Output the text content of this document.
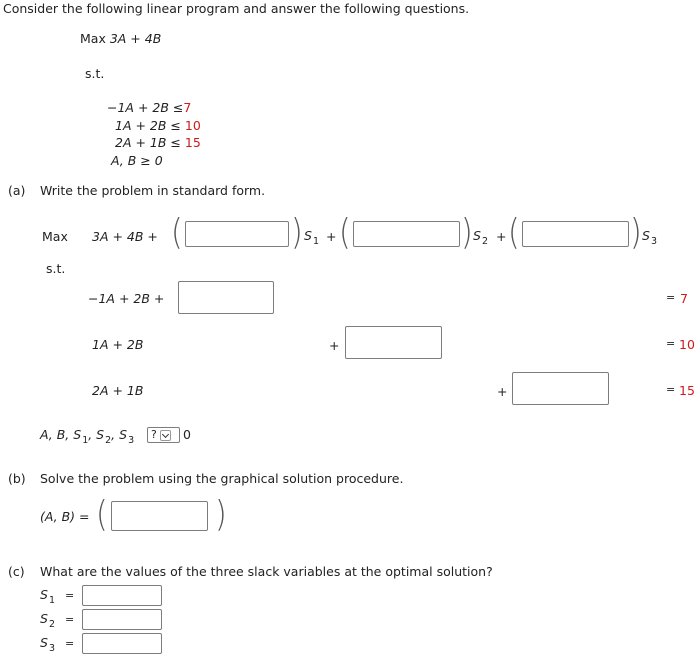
Consider the following linear program and answer the following questions.
Max 3A + 4B
s.t.
−1A + 2B ≤7
1A + 2B ≤ 10
2A + 1B ≤ 15
A, B ≥ 0
(a) Write the problem in standard form.
Max 3A + 4B + (	) $S_1$ + (	) $S_2$ + (	) $S_3$
s.t.
−1A + 2B +	= 7
1A + 2B	+	= 10
2A + 1B	+	= 15
A, B, $S_1$, $S_2$, $S_3$ ? 0
(b) Solve the problem using the graphical solution procedure.
(A, B) = (	)
(c) What are the values of the three slack variables at the optimal solution?
$S_1$ =
$S_2$ =
$S_3$ =
